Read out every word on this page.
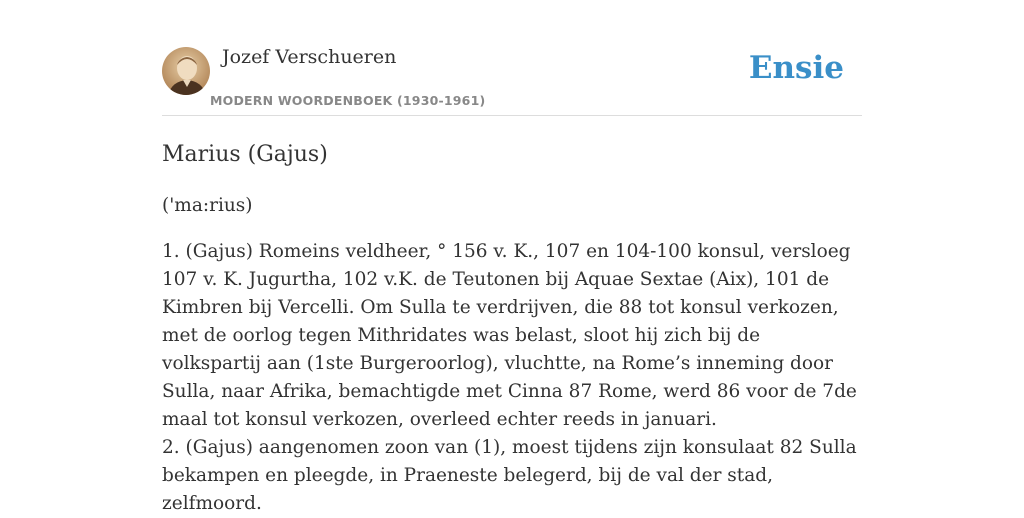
Jozef Verschueren
MODERN WOORDENBOEK (1930-1961)
Ensie
Marius (Gajus)

('ma:rius)

1. (Gajus) Romeins veldheer, ° 156 v. K., 107 en 104-100 konsul, versloeg 107 v. K. Jugurtha, 102 v.K. de Teutonen bij Aquae Sextae (Aix), 101 de Kimbren bij Vercelli. Om Sulla te verdrijven, die 88 tot konsul verkozen, met de oorlog tegen Mithridates was belast, sloot hij zich bij de volkspartij aan (1ste Burgeroorlog), vluchtte, na Rome’s inneming door Sulla, naar Afrika, bemachtigde met Cinna 87 Rome, werd 86 voor de 7de maal tot konsul verkozen, overleed echter reeds in januari.

2. (Gajus) aangenomen zoon van (1), moest tijdens zijn konsulaat 82 Sulla bekampen en pleegde, in Praeneste belegerd, bij de val der stad, zelfmoord.
